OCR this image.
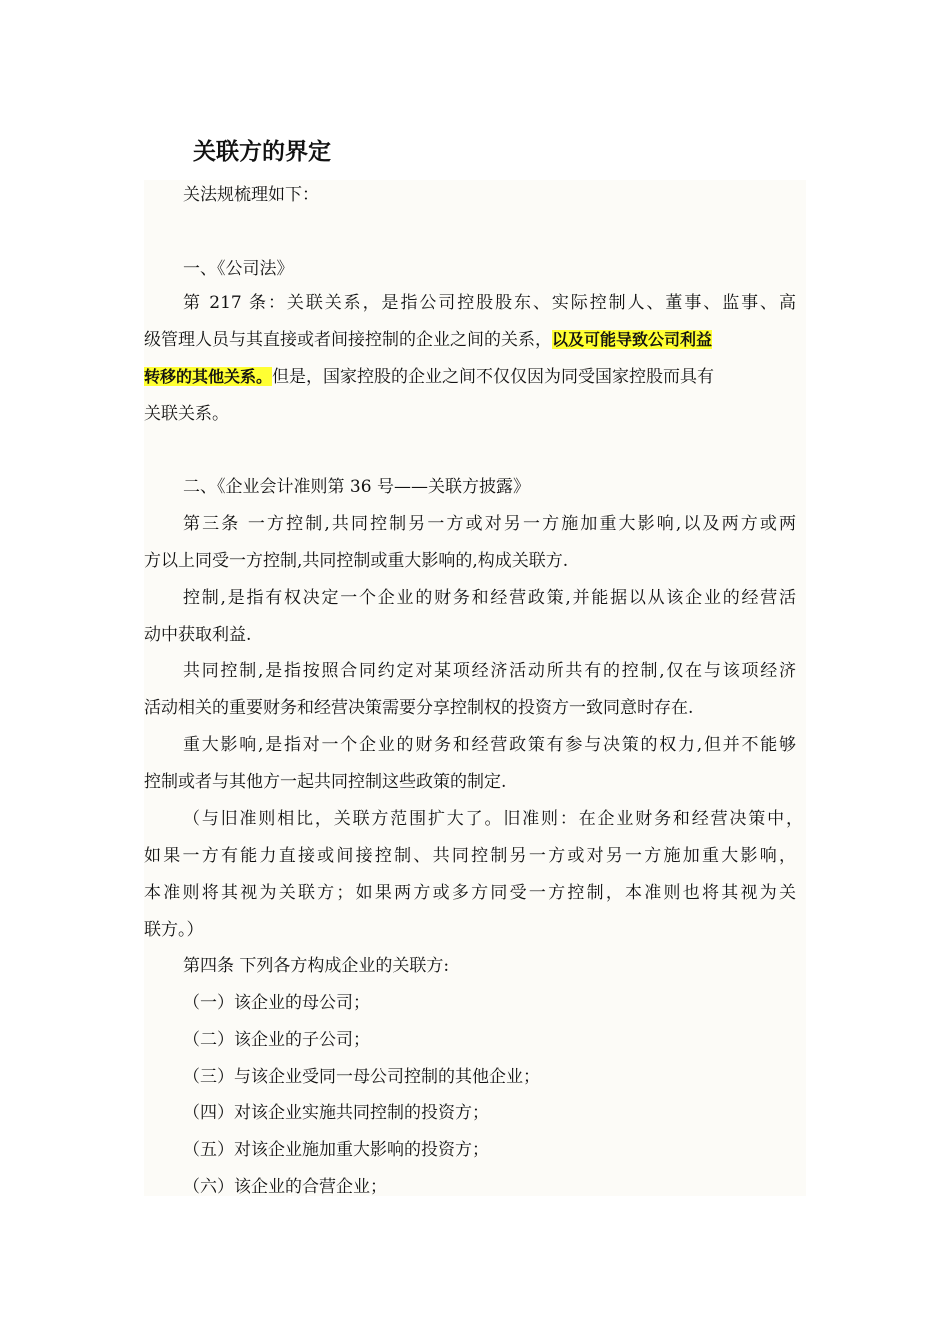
关联方的界定

关法规梳理如下：

一、《公司法》

第 217 条：关联关系，是指公司控股股东、实际控制人、董事、监事、高

级管理人员与其直接或者间接控制的企业之间的关系，以及可能导致公司利益

转移的其他关系。但是，国家控股的企业之间不仅仅因为同受国家控股而具有

关联关系。

二、《企业会计准则第 36 号——关联方披露》

第三条 一方控制,共同控制另一方或对另一方施加重大影响,以及两方或两

方以上同受一方控制,共同控制或重大影响的,构成关联方.

控制,是指有权决定一个企业的财务和经营政策,并能据以从该企业的经营活

动中获取利益.

共同控制,是指按照合同约定对某项经济活动所共有的控制,仅在与该项经济

活动相关的重要财务和经营决策需要分享控制权的投资方一致同意时存在.

重大影响,是指对一个企业的财务和经营政策有参与决策的权力,但并不能够

控制或者与其他方一起共同控制这些政策的制定.

（与旧准则相比，关联方范围扩大了。旧准则：在企业财务和经营决策中，

如果一方有能力直接或间接控制、共同控制另一方或对另一方施加重大影响，

本准则将其视为关联方；如果两方或多方同受一方控制，本准则也将其视为关

联方。）

第四条 下列各方构成企业的关联方:

（一）该企业的母公司；

（二）该企业的子公司；

（三）与该企业受同一母公司控制的其他企业；

（四）对该企业实施共同控制的投资方；

（五）对该企业施加重大影响的投资方；

（六）该企业的合营企业；
